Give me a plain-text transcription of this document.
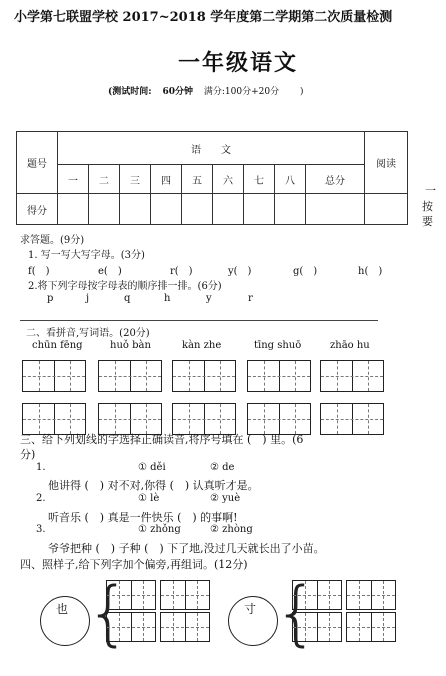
小学第七联盟学校 2017~2018 学年度第二学期第二次质量检测
一年级语文
(测试时间: 60分钟 满分:100分+20分 )
题号	语　　文									阅读
	一	二	三	四	五	六	七	八	总分	
得分										
一
按
要
求答题。(9分)
1. 写一写大写字母。(3分)
f(　)	e(　)	r(　)	y(　)	g(　)	h(　)
2.将下列字母按字母表的顺序排一排。(6分)
p	j	q	h	y	r
二、看拼音,写词语。(20分)
chūn fēng	huǒ bàn	kàn zhe	tīng shuō	zhāo hu
三、给下列划线的字选择正确读音,将序号填在 (　) 里。(6
分)
1.	① děi	② de
他讲得 (　) 对不对,你得 (　) 认真听才是。
2.	① lè	② yuè
听音乐 (　) 真是一件快乐 (　) 的事啊!
3.	① zhǒng	② zhòng
爷爷把种 (　) 子种 (　) 下了地,没过几天就长出了小苗。
四、照样子,给下列字加个偏旁,再组词。(12分)
也 {	寸 {
